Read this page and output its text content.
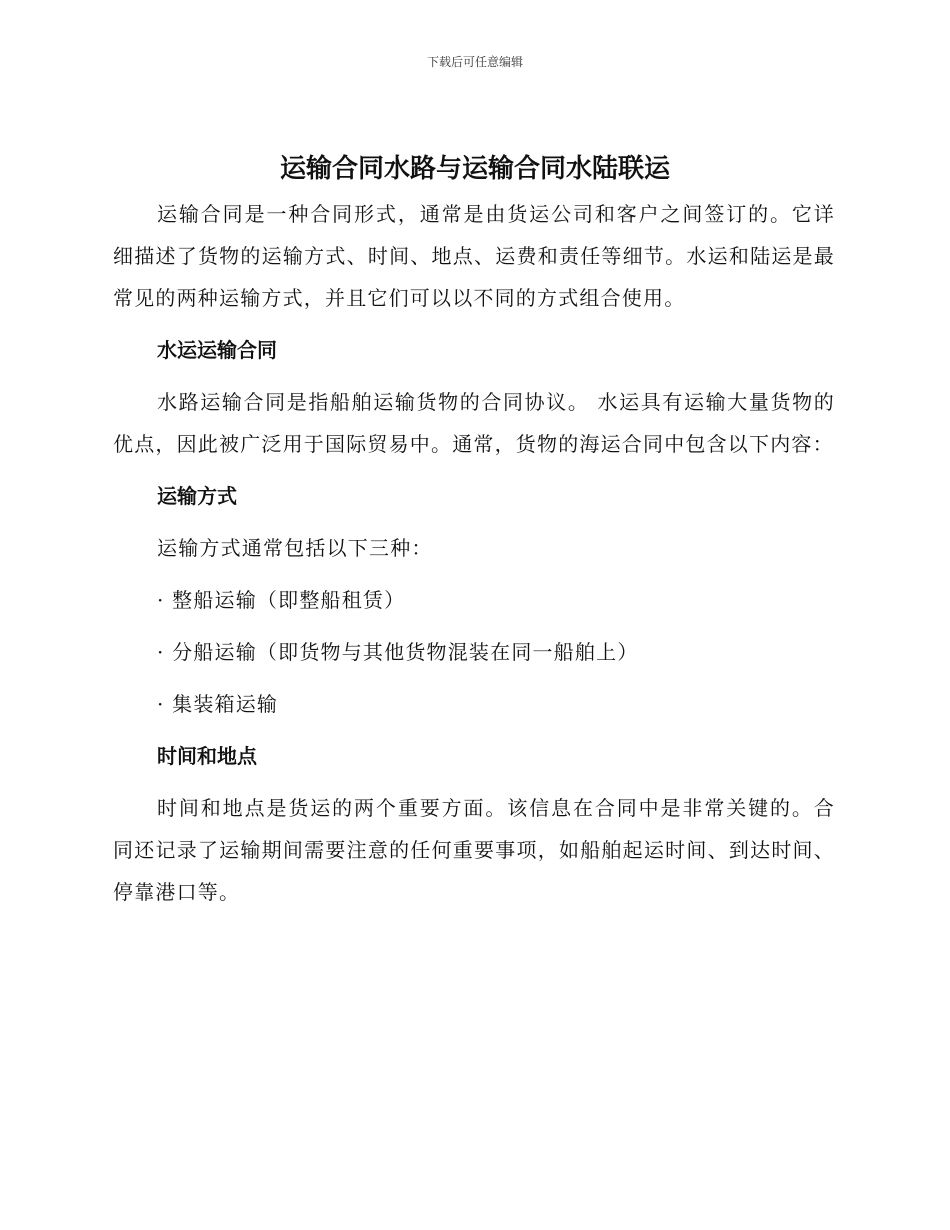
下载后可任意编辑
运输合同水路与运输合同水陆联运

运输合同是一种合同形式，通常是由货运公司和客户之间签订的。它详细描述了货物的运输方式、时间、地点、运费和责任等细节。水运和陆运是最常见的两种运输方式，并且它们可以以不同的方式组合使用。

水运运输合同

水路运输合同是指船舶运输货物的合同协议。 水运具有运输大量货物的优点，因此被广泛用于国际贸易中。通常，货物的海运合同中包含以下内容：

运输方式

运输方式通常包括以下三种：

· 整船运输（即整船租赁）

· 分船运输（即货物与其他货物混装在同一船舶上）

· 集装箱运输

时间和地点

时间和地点是货运的两个重要方面。该信息在合同中是非常关键的。合同还记录了运输期间需要注意的任何重要事项，如船舶起运时间、到达时间、停靠港口等。
